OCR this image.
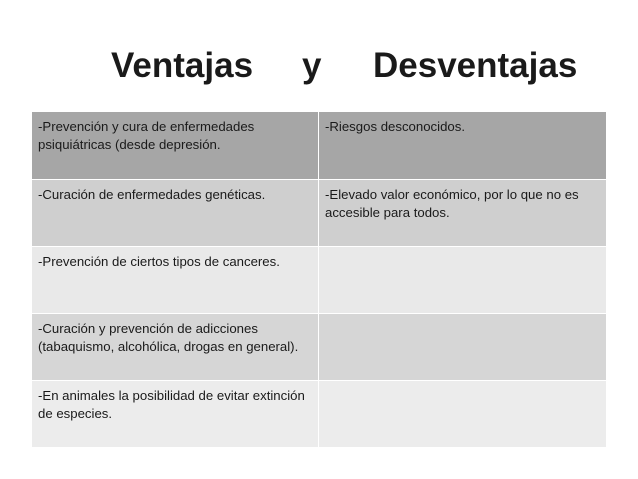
Ventajas y Desventajas
-Prevención y cura de enfermedades psiquiátricas (desde depresión.	-Riesgos desconocidos.
-Curación de enfermedades genéticas.	-Elevado valor económico, por lo que no es accesible para todos.
-Prevención de ciertos tipos de canceres.	
-Curación y prevención de adicciones (tabaquismo, alcohólica, drogas en general).	
-En animales la posibilidad de evitar extinción de especies.	
